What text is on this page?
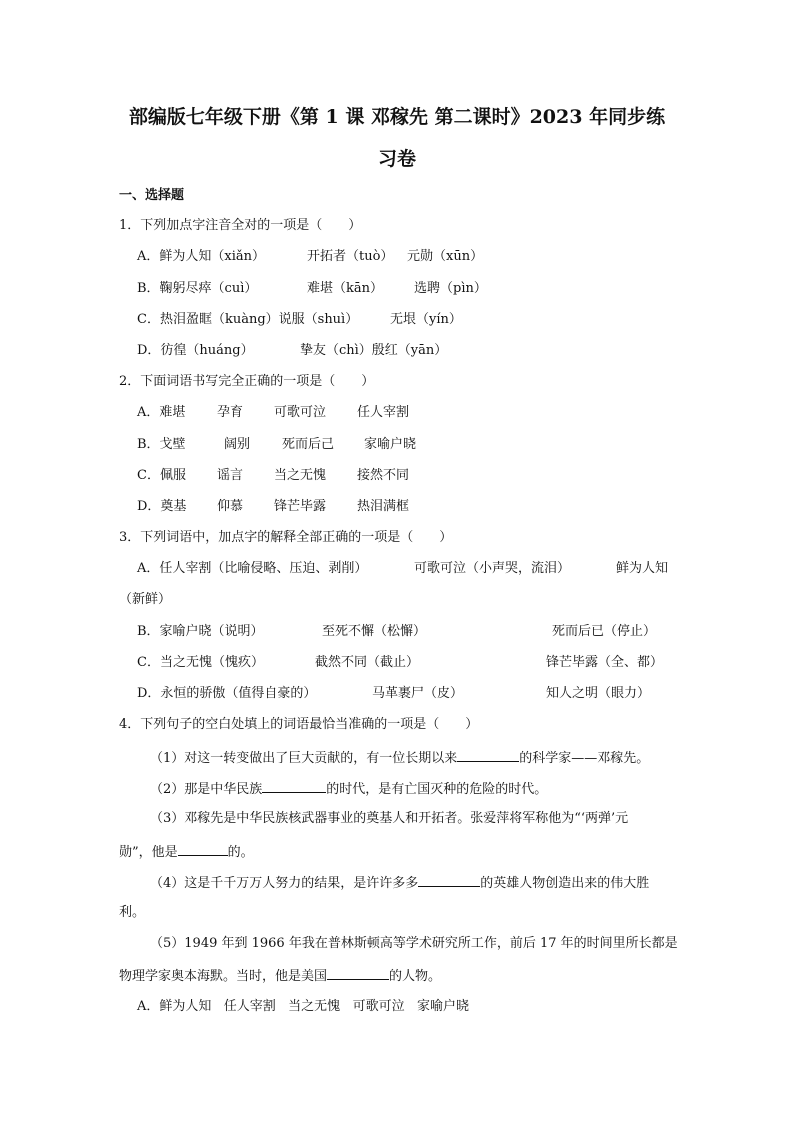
部编版七年级下册《第 1 课 邓稼先 第二课时》2023 年同步练
习卷
一、选择题
1．下列加点字注音全对的一项是（　　）
A．鲜为人知（xiǎn）	开拓者（tuò） 元勋（xūn）
B．鞠躬尽瘁（cuì）	难堪（kān） 选聘（pìn）
C．热泪盈眶（kuàng）说服（shuì） 无垠（yín）
D．彷徨（huáng）	挚友（chì）殷红（yān）
2．下面词语书写完全正确的一项是（　　）
A．难堪 孕育 可歌可泣 任人宰割
B．戈壁	阔别 死而后己 家喻户晓
C．佩服 谣言 当之无愧 接然不同
D．奠基 仰慕 锋芒毕露 热泪满框
3．下列词语中，加点字的解释全部正确的一项是（　　）
A．任人宰割（比喻侵略、压迫、剥削）	可歌可泣（小声哭，流泪）	鲜为人知
（新鲜）
B．家喻户晓（说明）	至死不懈（松懈）	死而后已（停止）
C．当之无愧（愧疚）	截然不同（截止）	锋芒毕露（全、都）
D．永恒的骄傲（值得自豪的）	马革裹尸（皮）	知人之明（眼力）
4．下列句子的空白处填上的词语最恰当准确的一项是（　　）
（1）对这一转变做出了巨大贡献的，有一位长期以来	的科学家——邓稼先。
（2）那是中华民族	的时代，是有亡国灭种的危险的时代。
（3）邓稼先是中华民族核武器事业的奠基人和开拓者。张爱萍将军称他为“‘两弹’元
勋”，他是	的。
（4）这是千千万万人努力的结果，是许许多多	的英雄人物创造出来的伟大胜
利。
（5）1949 年到 1966 年我在普林斯顿高等学术研究所工作，前后 17 年的时间里所长都是
物理学家奥本海默。当时，他是美国	的人物。
A．鲜为人知   任人宰割   当之无愧   可歌可泣   家喻户晓
